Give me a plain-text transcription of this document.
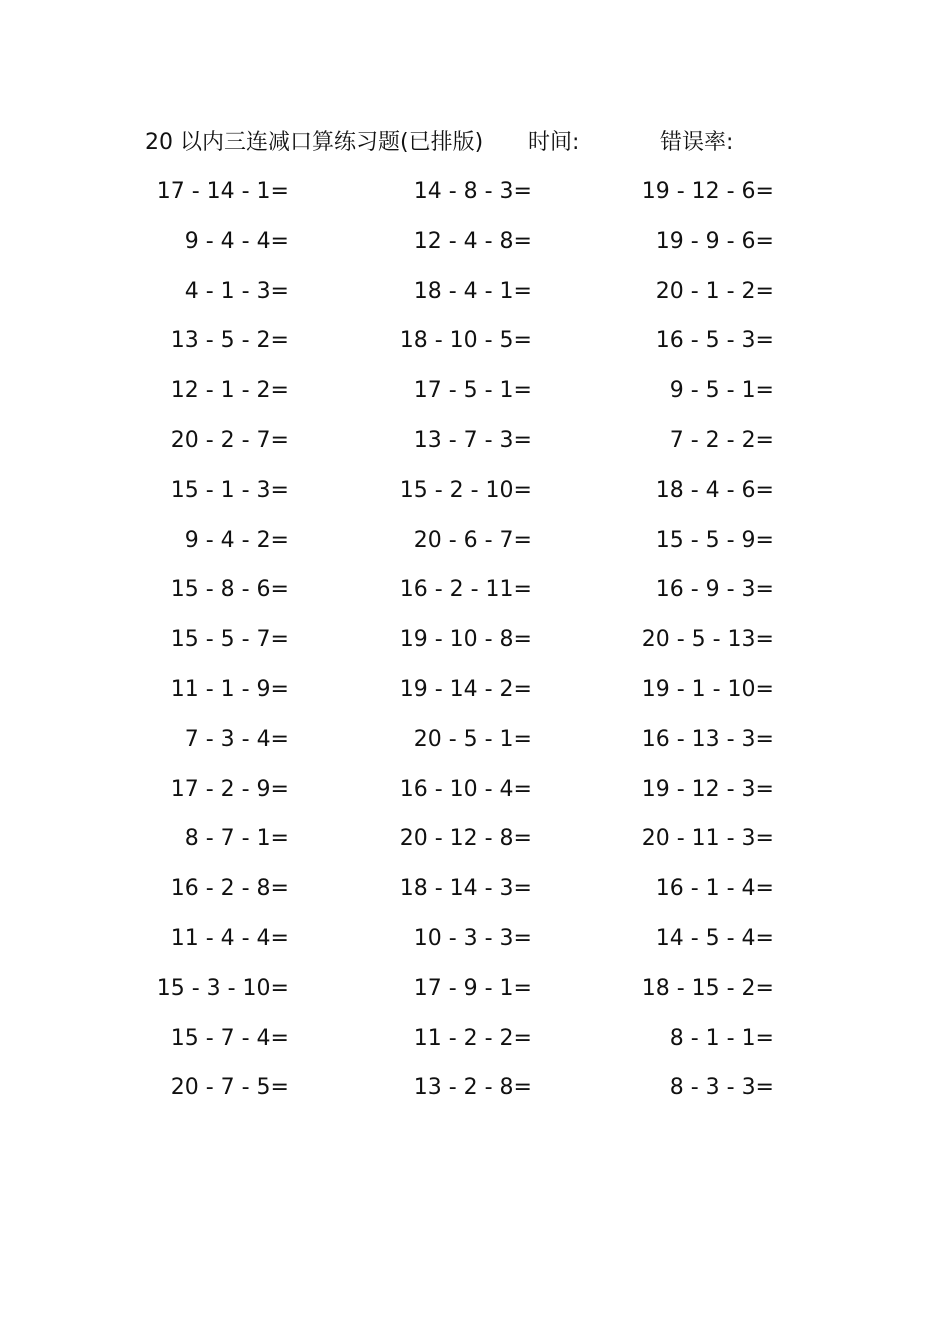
20 以内三连减口算练习题(已排版) 时间:	错误率:
17 - 14 - 1=	14 - 8 - 3=	19 - 12 - 6=
9 - 4 - 4=	12 - 4 - 8=	19 - 9 - 6=
4 - 1 - 3=	18 - 4 - 1=	20 - 1 - 2=
13 - 5 - 2=	18 - 10 - 5=	16 - 5 - 3=
12 - 1 - 2=	17 - 5 - 1=	9 - 5 - 1=
20 - 2 - 7=	13 - 7 - 3=	7 - 2 - 2=
15 - 1 - 3=	15 - 2 - 10=	18 - 4 - 6=
9 - 4 - 2=	20 - 6 - 7=	15 - 5 - 9=
15 - 8 - 6=	16 - 2 - 11=	16 - 9 - 3=
15 - 5 - 7=	19 - 10 - 8=	20 - 5 - 13=
11 - 1 - 9=	19 - 14 - 2=	19 - 1 - 10=
7 - 3 - 4=	20 - 5 - 1=	16 - 13 - 3=
17 - 2 - 9=	16 - 10 - 4=	19 - 12 - 3=
8 - 7 - 1=	20 - 12 - 8=	20 - 11 - 3=
16 - 2 - 8=	18 - 14 - 3=	16 - 1 - 4=
11 - 4 - 4=	10 - 3 - 3=	14 - 5 - 4=
15 - 3 - 10=	17 - 9 - 1=	18 - 15 - 2=
15 - 7 - 4=	11 - 2 - 2=	8 - 1 - 1=
20 - 7 - 5=	13 - 2 - 8=	8 - 3 - 3=
